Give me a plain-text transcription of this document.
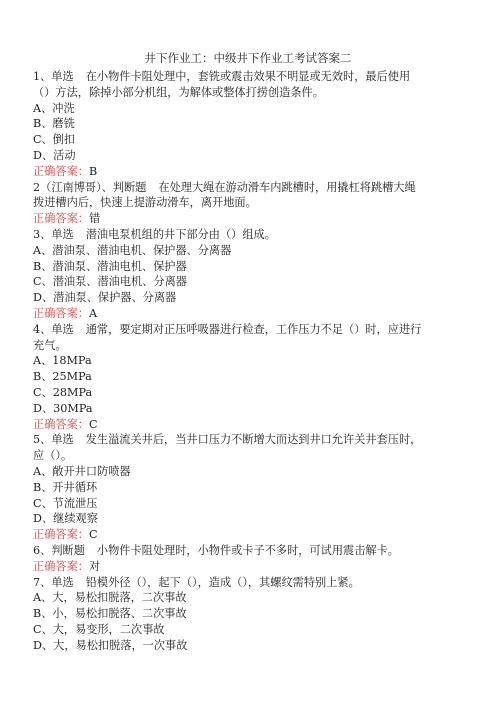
井下作业工：中级井下作业工考试答案二
1、单选 在小物件卡阻处理中，套铣或震击效果不明显或无效时，最后使用
（）方法，除掉小部分机组，为解体或整体打捞创造条件。
A、冲洗
B、磨铣
C、倒扣
D、活动
正确答案：B
2（江南博哥）、判断题 在处理大绳在游动滑车内跳槽时，用撬杠将跳槽大绳
拨进槽内后，快速上提游动滑车，离开地面。
正确答案：错
3、单选 潜油电泵机组的井下部分由（）组成。
A、潜油泵、潜油电机、保护器、分离器
B、潜油泵、潜油电机、保护器
C、潜油泵、潜油电机、分离器
D、潜油泵、保护器、分离器
正确答案：A
4、单选 通常，要定期对正压呼吸器进行检查，工作压力不足（）时，应进行
充气。
A、18MPa
B、25MPa
C、28MPa
D、30MPa
正确答案：C
5、单选 发生溢流关井后，当井口压力不断增大而达到井口允许关井套压时，
应（）。
A、敞开井口防喷器
B、开井循环
C、节流泄压
D、继续观察
正确答案：C
6、判断题 小物件卡阻处理时，小物件或卡子不多时，可试用震击解卡。
正确答案：对
7、单选 铅模外径（），起下（），造成（），其螺纹需特别上紧。
A、大，易松扣脱落，二次事故
B、小，易松扣脱落、二次事故
C、大，易变形，二次事故
D、大，易松扣脱落，一次事故
